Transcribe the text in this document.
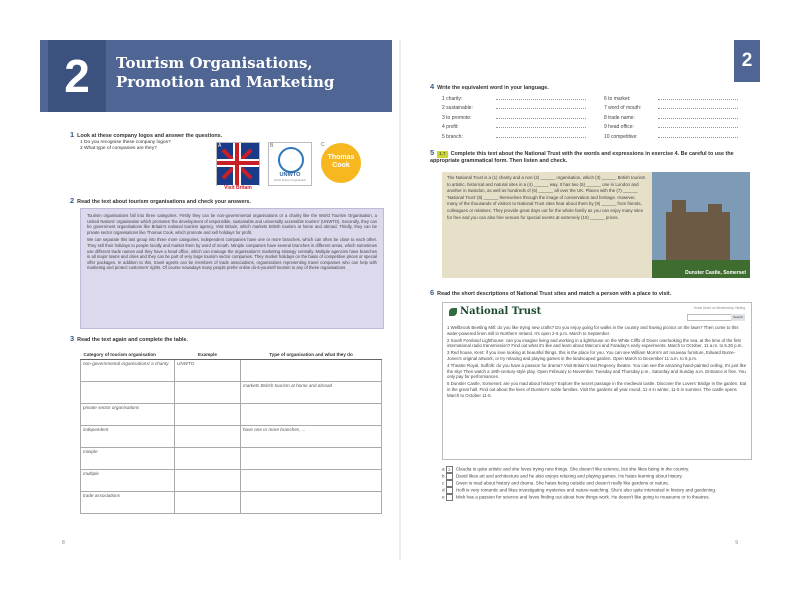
2	Tourism Organisations, Promotion and Marketing
1 Look at these company logos and answer the questions.
1 Do you recognise these company logos?
2 What type of companies are they?	A
Visit Britain
B
UNWTO
World Tourism Organization
C
Thomas Cook
2 Read the text about tourism organisations and check your answers.
Tourism organisations fall into three categories. Firstly they can be non-governmental organisations or a charity like the World Tourism Organisation, a United Nations' organisation which promotes 'the development of responsible, sustainable and universally accessible tourism' (UNWTO). Secondly, they can be government organisations like Britain's national tourism agency, Visit Britain, which markets British tourism at home and abroad. Thirdly, they can be private sector organisations like Thomas Cook, which promote and sell holidays for profit.
We can separate this last group into three more categories, independent companies have one or more branches, which can often be close to each other. They sell their holidays to people locally and market them by word of mouth. Miniple companies have several branches in different areas, which sometimes use different trade names and they have a head office, which can manage the organisation's marketing strategy centrally. Multiple agencies have branches in all major towns and cities and they can be part of very large tourism sector companies. They market holidays on the basis of competitive prices or special offer packages. In addition to this, travel agents can be members of trade associations, organisations representing travel companies who can help with marketing and protect customers' rights. Of course nowadays many people prefer online do-it-yourself tourism to any of these organisations.
3 Read the text again and complete the table.
Category of tourism organisation	Example	Type of organisation and what they do
non-governmental organisations/ a charity	UNWTO	
		markets British tourism at home and abroad
private sector organisations		
independent		have one or more branches, ...
miniple		
multiple		
trade associations		
8
2
4 Write the equivalent word in your language.
1 charity:
2 sustainable:
3 to promote:
4 profit:
5 branch:
6 to market:
7 word of mouth:
8 trade name:
9 head office:
10 competitive:
5 1.7 Complete this text about the National Trust with the words and expressions in exercise 4. Be careful to use the appropriate grammatical form. Then listen and check.
The National Trust is a (1) charity and a non-(2) ______ organisation, which (3) ______ British tourism to artistic, historical and natural sites in a (4) ______ way. It has two (5) ______ one in London and another in Swindon, as well as hundreds of (6) ______ all over the UK. Places with the (7) ______ 'National Trust' (8) ______ themselves through the image of conservation and heritage. However, many of the thousands of visitors to National Trust sites hear about them by (9) ______ from friends, colleagues or relatives. They provide great days out for the whole family as you can enjoy many sites for free and you can also hire venues for special events at extremely (10) ______ prices.
Dunster Castle, Somerset
6 Read the short descriptions of National Trust sites and match a person with a place to visit.
National Trust	Home About us Membership Visiting
Search
1 Wellbrook Beetling Mill: do you like trying new crafts? Do you enjoy going for walks in the country and having picnics on the lawn? Then come to this water-powered linen mill in Northern Ireland. It's open 2-6 p.m. March to September.
2 South Foreland Lighthouse: can you imagine living and working in a lighthouse on the White Cliffs of Dover overlooking the sea, at the time of the first international radio transmission? Find out what it's like and learn about Marconi and Faraday's early experiments. March to October, 11 a.m. to 5.30 p.m.
3 Red house, Kent: if you love looking at beautiful things, this is the place for you. You can see William Morris's art nouveau furniture, Edward Burne-Jones's original artwork, or try relaxing and playing games in the landscaped garden. Open March to December 11 a.m. to 5 p.m.
4 Theatre Royal, Suffolk: do you have a passion for drama? Visit Britain's last Regency theatre. You can see the amazing hand-painted ceiling. It's just like the sky! Then watch a 19th-century-style play. Open February to November, Tuesday and Thursday p.m., Saturday and Sunday a.m. Entrance is free. You only pay for performances.
5 Dunster Castle, Somerset: are you mad about history? Explore the secret passage in the medieval castle. Discover the Lovers' Bridge in the garden. Eat in the great hall. Find out about the lives of Dunster's noble families. Visit the gardens all year round, 11-4 in winter, 11-5 in summer. The castle opens March to October 11-5.
a 2 Claudia is quite artistic and she loves trying new things. She doesn't like science, but she likes being in the country.
b David likes art and architecture and he also enjoys relaxing and playing games. He hates learning about history.
c Gwen is mad about history and drama. She hates being outside and doesn't really like gardens or nature.
d Holli is very romantic and likes investigating mysteries and nature-watching. She's also quite interested in history and gardening.
e Mick has a passion for science and loves finding out about how things work. He doesn't like going to museums or to theatres.
9
